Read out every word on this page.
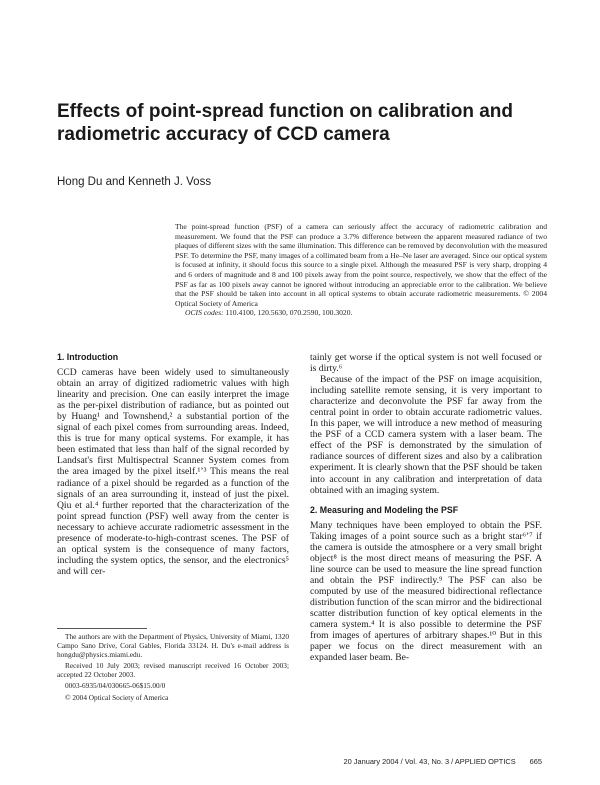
Effects of point-spread function on calibration and radiometric accuracy of CCD camera
Hong Du and Kenneth J. Voss
The point-spread function (PSF) of a camera can seriously affect the accuracy of radiometric calibration and measurement. We found that the PSF can produce a 3.7% difference between the apparent measured radiance of two plaques of different sizes with the same illumination. This difference can be removed by deconvolution with the measured PSF. To determine the PSF, many images of a collimated beam from a He–Ne laser are averaged. Since our optical system is focused at infinity, it should focus this source to a single pixel. Although the measured PSF is very sharp, dropping 4 and 6 orders of magnitude and 8 and 100 pixels away from the point source, respectively, we show that the effect of the PSF as far as 100 pixels away cannot be ignored without introducing an appreciable error to the calibration. We believe that the PSF should be taken into account in all optical systems to obtain accurate radiometric measurements. © 2004 Optical Society of America
OCIS codes: 110.4100, 120.5630, 070.2590, 100.3020.
1. Introduction

CCD cameras have been widely used to simultaneously obtain an array of digitized radiometric values with high linearity and precision. One can easily interpret the image as the per-pixel distribution of radiance, but as pointed out by Huang¹ and Townshend,² a substantial portion of the signal of each pixel comes from surrounding areas. Indeed, this is true for many optical systems. For example, it has been estimated that less than half of the signal recorded by Landsat's first Multispectral Scanner System comes from the area imaged by the pixel itself.¹ʼ³ This means the real radiance of a pixel should be regarded as a function of the signals of an area surrounding it, instead of just the pixel. Qiu et al.⁴ further reported that the characterization of the point spread function (PSF) well away from the center is necessary to achieve accurate radiometric assessment in the presence of moderate-to-high-contrast scenes. The PSF of an optical system is the consequence of many factors, including the system optics, the sensor, and the electronics⁵ and will cer-

The authors are with the Department of Physics, University of Miami, 1320 Campo Sano Drive, Coral Gables, Florida 33124. H. Du's e-mail address is hongdu@physics.miami.edu.

Received 10 July 2003; revised manuscript received 16 October 2003; accepted 22 October 2003.

0003-6935/04/030665-06$15.00/0

© 2004 Optical Society of America

tainly get worse if the optical system is not well focused or is dirty.⁶

Because of the impact of the PSF on image acquisition, including satellite remote sensing, it is very important to characterize and deconvolute the PSF far away from the central point in order to obtain accurate radiometric values. In this paper, we will introduce a new method of measuring the PSF of a CCD camera system with a laser beam. The effect of the PSF is demonstrated by the simulation of radiance sources of different sizes and also by a calibration experiment. It is clearly shown that the PSF should be taken into account in any calibration and interpretation of data obtained with an imaging system.

2. Measuring and Modeling the PSF

Many techniques have been employed to obtain the PSF. Taking images of a point source such as a bright star⁶ʼ⁷ if the camera is outside the atmosphere or a very small bright object⁸ is the most direct means of measuring the PSF. A line source can be used to measure the line spread function and obtain the PSF indirectly.⁹ The PSF can also be computed by use of the measured bidirectional reflectance distribution function of the scan mirror and the bidirectional scatter distribution function of key optical elements in the camera system.⁴ It is also possible to determine the PSF from images of apertures of arbitrary shapes.¹⁰ But in this paper we focus on the direct measurement with an expanded laser beam. Be-

20 January 2004 / Vol. 43, No. 3 / APPLIED OPTICS 665
